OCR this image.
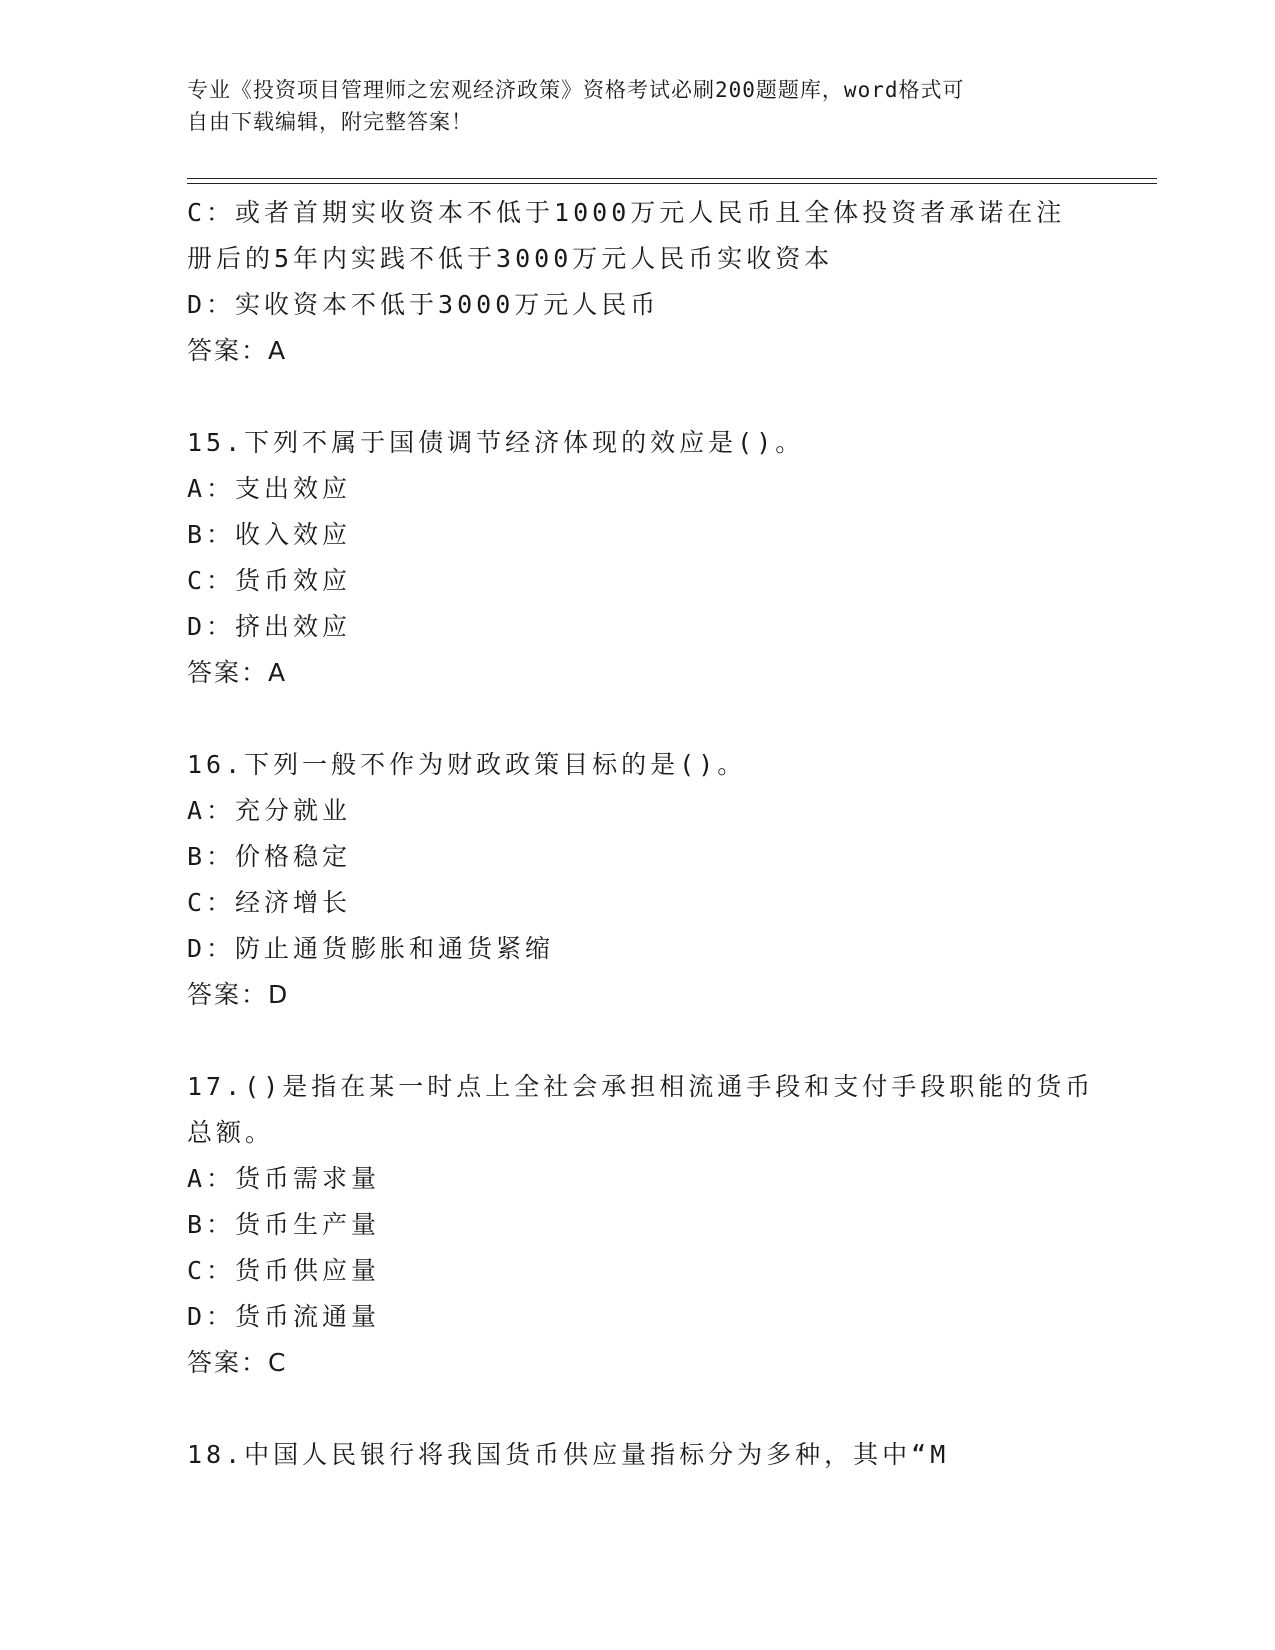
专业《投资项目管理师之宏观经济政策》资格考试必刷200题题库，word格式可
自由下载编辑，附完整答案！
C：或者首期实收资本不低于1000万元人民币且全体投资者承诺在注
册后的5年内实践不低于3000万元人民币实收资本
D：实收资本不低于3000万元人民币
答案：A
15.下列不属于国债调节经济体现的效应是()。
A：支出效应
B：收入效应
C：货币效应
D：挤出效应
答案：A
16.下列一般不作为财政政策目标的是()。
A：充分就业
B：价格稳定
C：经济增长
D：防止通货膨胀和通货紧缩
答案：D
17.()是指在某一时点上全社会承担相流通手段和支付手段职能的货币
总额。
A：货币需求量
B：货币生产量
C：货币供应量
D：货币流通量
答案：C
18.中国人民银行将我国货币供应量指标分为多种，其中“M
